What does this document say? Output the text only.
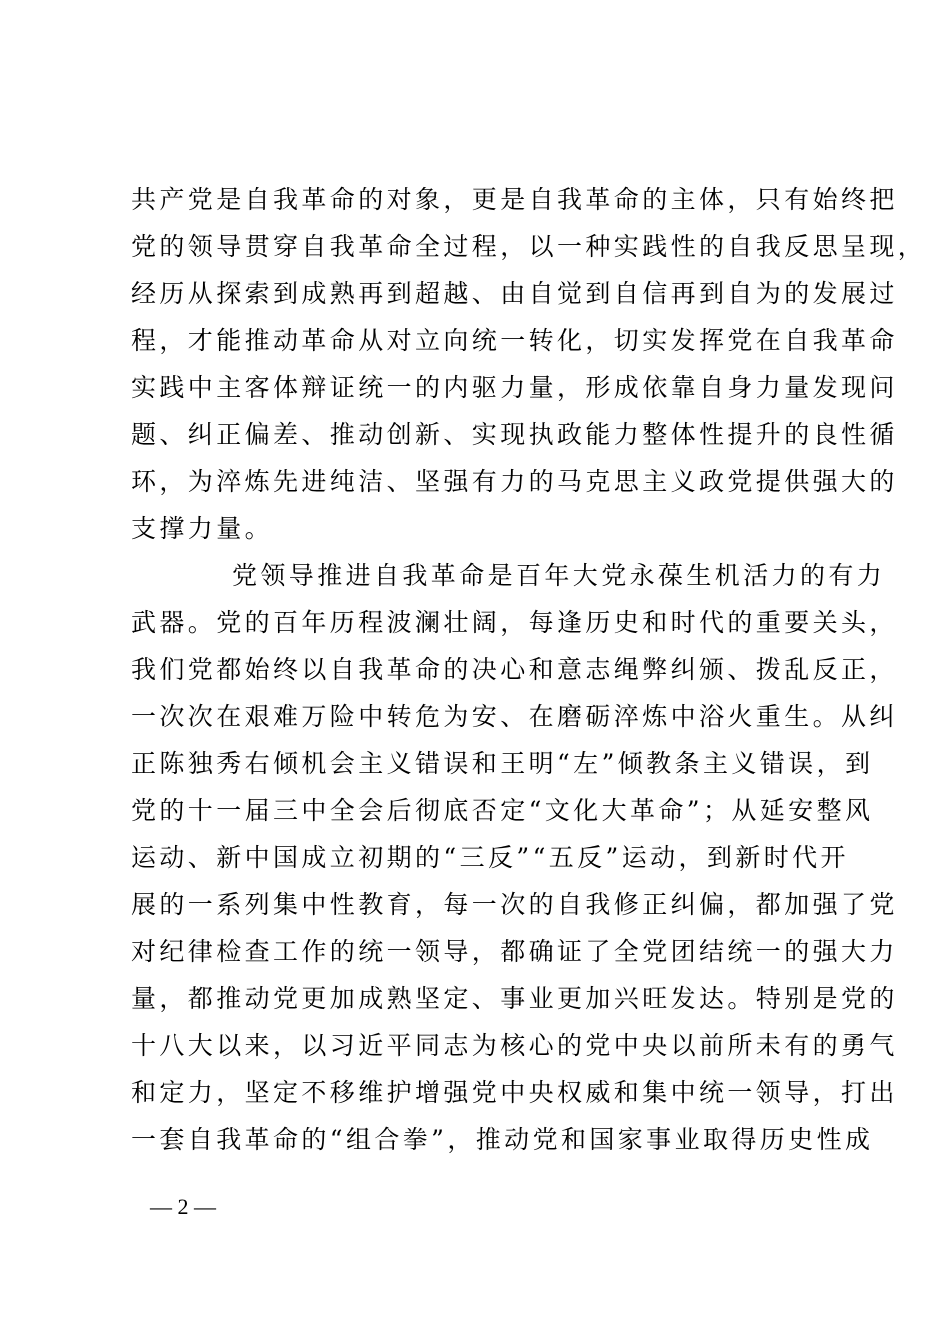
共产党是自我革命的对象，更是自我革命的主体，只有始终把
党的领导贯穿自我革命全过程，以一种实践性的自我反思呈现，
经历从探索到成熟再到超越、由自觉到自信再到自为的发展过
程，才能推动革命从对立向统一转化，切实发挥党在自我革命
实践中主客体辩证统一的内驱力量，形成依靠自身力量发现问
题、纠正偏差、推动创新、实现执政能力整体性提升的良性循
环，为淬炼先进纯洁、坚强有力的马克思主义政党提供强大的
支撑力量。
党领导推进自我革命是百年大党永葆生机活力的有力
武器。党的百年历程波澜壮阔，每逢历史和时代的重要关头，
我们党都始终以自我革命的决心和意志绳弊纠颁、拨乱反正，
一次次在艰难万险中转危为安、在磨砺淬炼中浴火重生。从纠
正陈独秀右倾机会主义错误和王明“左”倾教条主义错误，到
党的十一届三中全会后彻底否定“文化大革命”；从延安整风
运动、新中国成立初期的“三反”“五反”运动，到新时代开
展的一系列集中性教育，每一次的自我修正纠偏，都加强了党
对纪律检查工作的统一领导，都确证了全党团结统一的强大力
量，都推动党更加成熟坚定、事业更加兴旺发达。特别是党的
十八大以来，以习近平同志为核心的党中央以前所未有的勇气
和定力，坚定不移维护增强党中央权威和集中统一领导，打出
一套自我革命的“组合拳”，推动党和国家事业取得历史性成
— 2 —
